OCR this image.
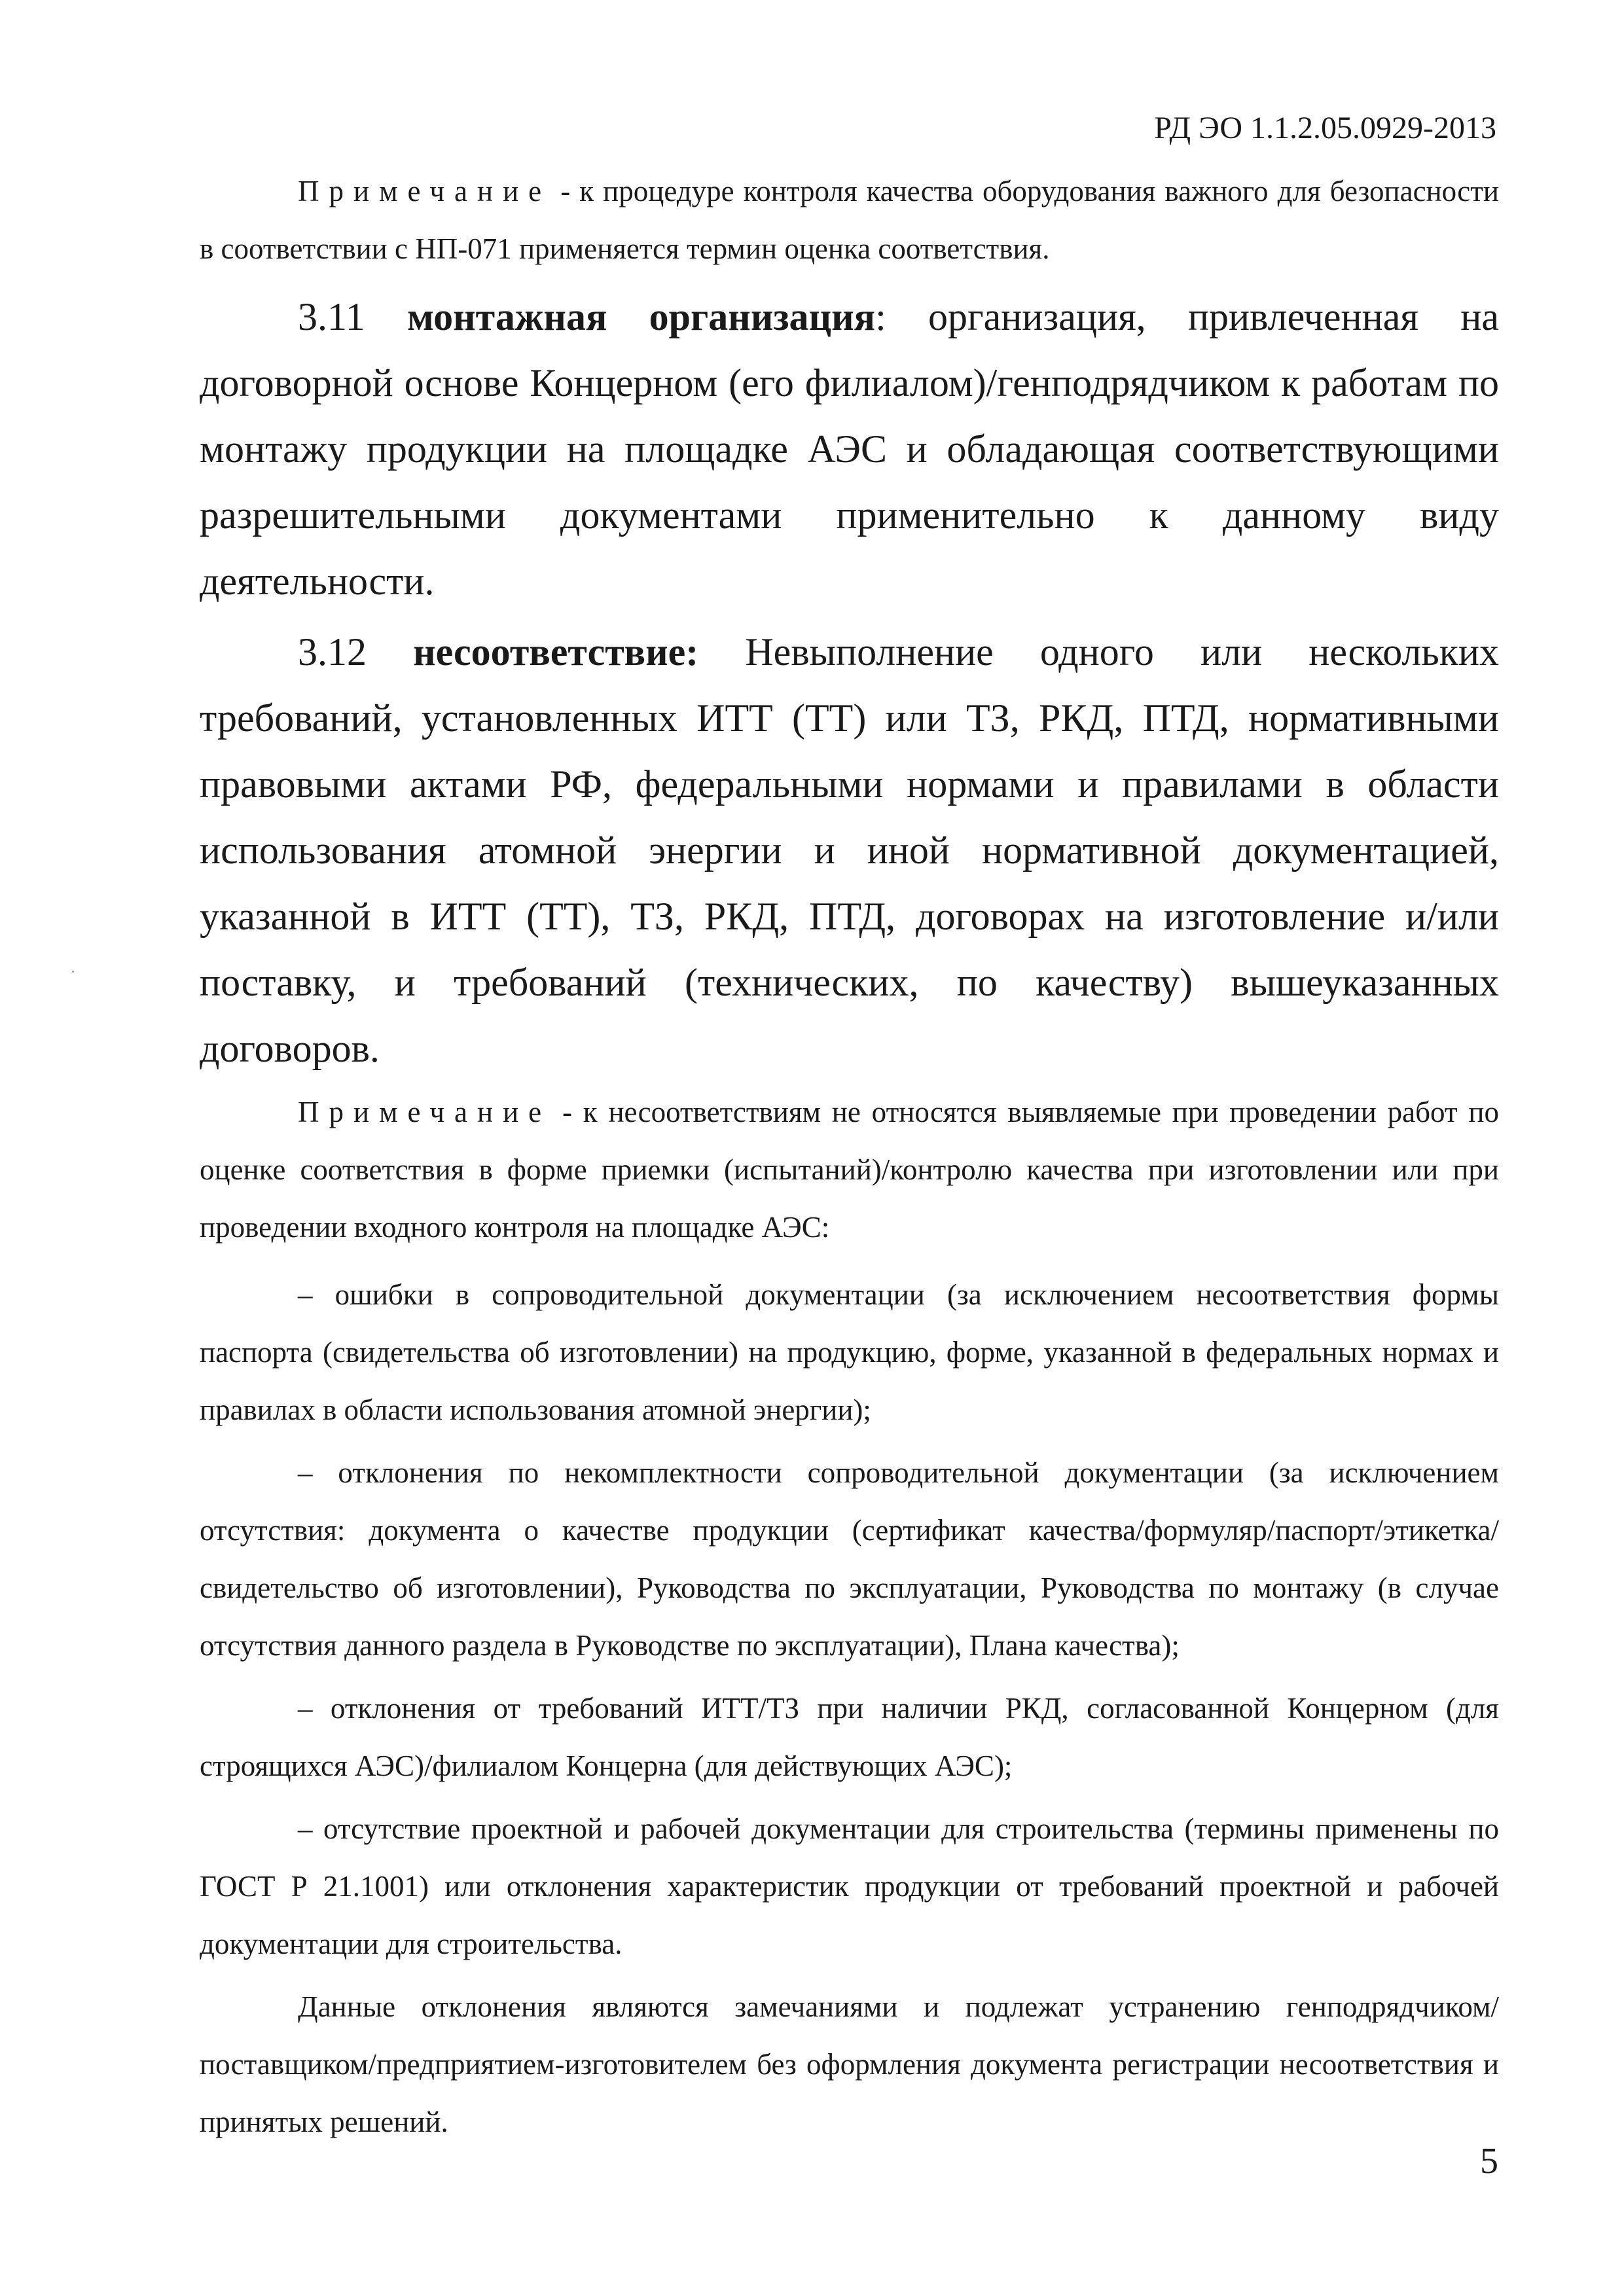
РД ЭО 1.1.2.05.0929-2013

Примечание - к процедуре контроля качества оборудования важного для безопасности в соответствии с НП-071 применяется термин оценка соответствия.

3.11 монтажная организация: организация, привлеченная на договорной основе Концерном (его филиалом)/генподрядчиком к работам по монтажу продукции на площадке АЭС и обладающая соответствующими разрешительными документами применительно к данному виду деятельности.

3.12 несоответствие: Невыполнение одного или нескольких требований, установленных ИТТ (ТТ) или ТЗ, РКД, ПТД, нормативными правовыми актами РФ, федеральными нормами и правилами в области использования атомной энергии и иной нормативной документацией, указанной в ИТТ (ТТ), ТЗ, РКД, ПТД, договорах на изготовление и/или поставку, и требований (технических, по качеству) вышеуказанных договоров.

Примечание - к несоответствиям не относятся выявляемые при проведении работ по оценке соответствия в форме приемки (испытаний)/контролю качества при изготовлении или при проведении входного контроля на площадке АЭС:

– ошибки в сопроводительной документации (за исключением несоответствия формы паспорта (свидетельства об изготовлении) на продукцию, форме, указанной в федеральных нормах и правилах в области использования атомной энергии);

– отклонения по некомплектности сопроводительной документации (за исключением отсутствия: документа о качестве продукции (сертификат качества/формуляр/паспорт/этикетка/свидетельство об изготовлении), Руководства по эксплуатации, Руководства по монтажу (в случае отсутствия данного раздела в Руководстве по эксплуатации), Плана качества);

– отклонения от требований ИТТ/ТЗ при наличии РКД, согласованной Концерном (для строящихся АЭС)/филиалом Концерна (для действующих АЭС);

– отсутствие проектной и рабочей документации для строительства (термины применены по ГОСТ Р 21.1001) или отклонения характеристик продукции от требований проектной и рабочей документации для строительства.

Данные отклонения являются замечаниями и подлежат устранению генподрядчиком/поставщиком/предприятием-изготовителем без оформления документа регистрации несоответствия и принятых решений.

5
